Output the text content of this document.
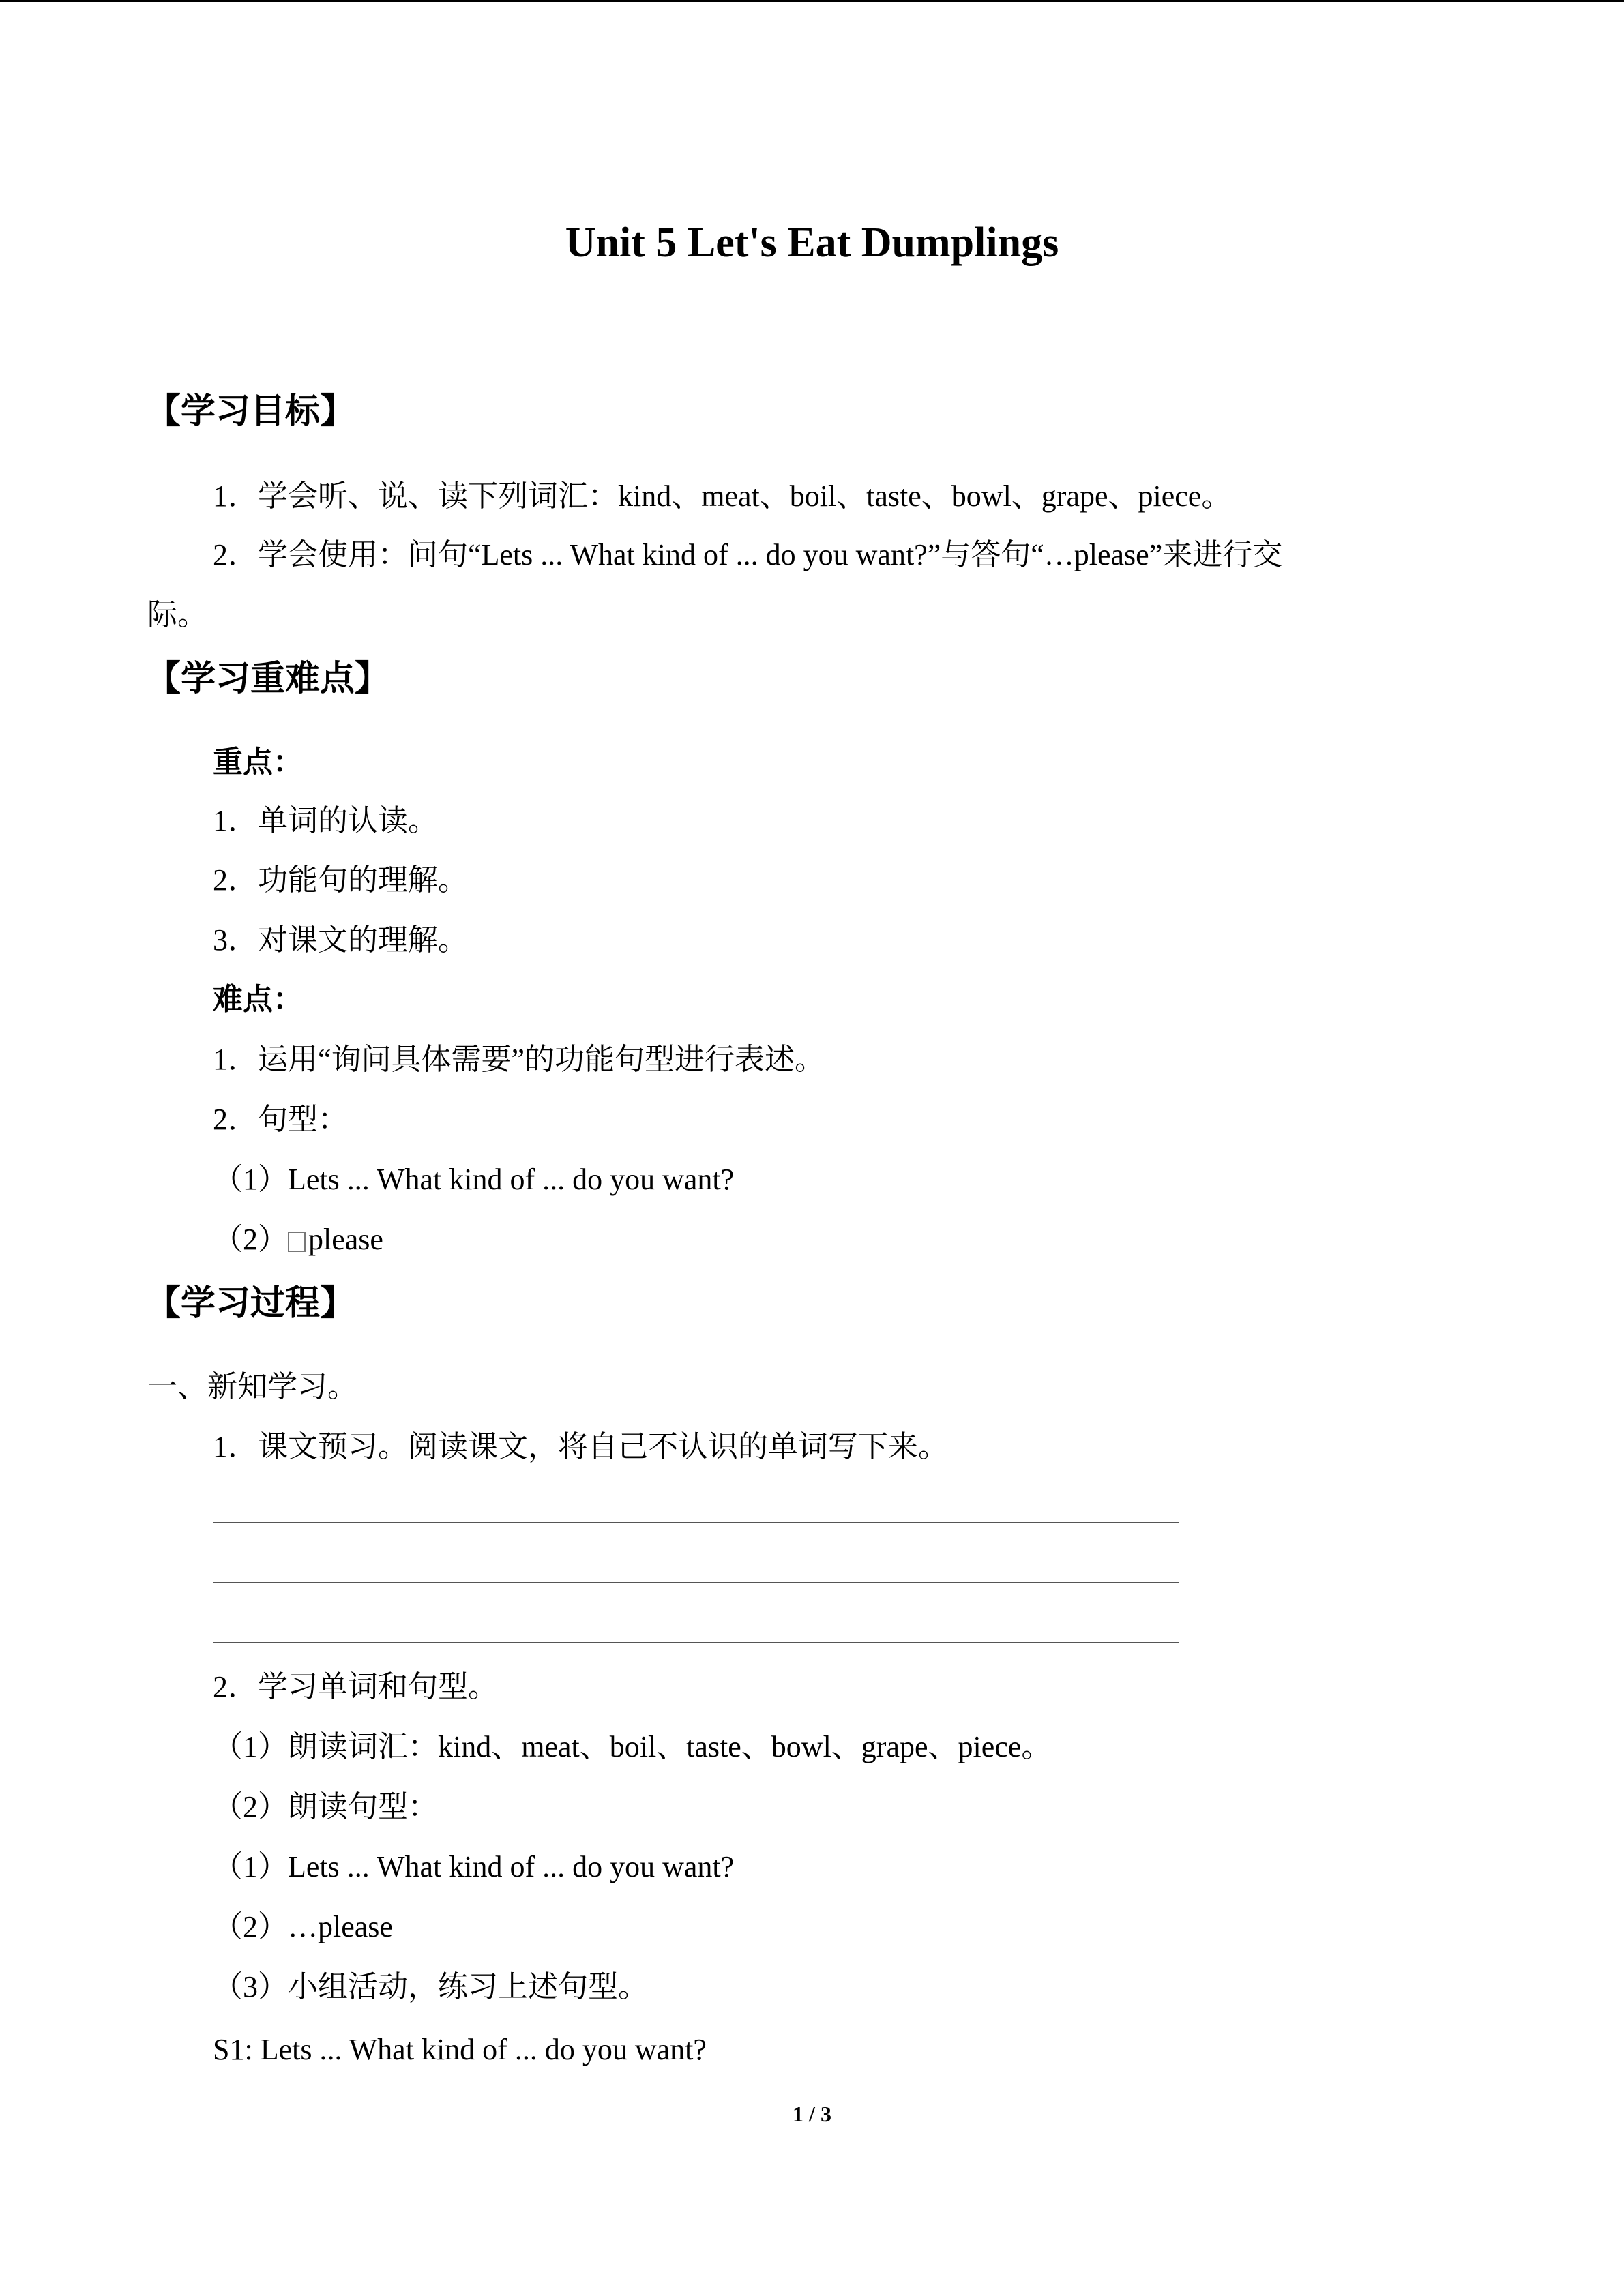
Unit 5 Let's Eat Dumplings
【学习目标】

1．学会听、说、读下列词汇：kind、meat、boil、taste、bowl、grape、piece。

2．学会使用：问句“Lets ... What kind of ... do you want?”与答句“…please”来进行交
际。
【学习重难点】

重点：

1．单词的认读。

2．功能句的理解。

3．对课文的理解。

难点：

1．运用“询问具体需要”的功能句型进行表述。

2．句型：

（1）Lets ... What kind of ... do you want?

（2） please

【学习过程】

一、新知学习。

1．课文预习。阅读课文，将自己不认识的单词写下来。

2．学习单词和句型。

（1）朗读词汇：kind、meat、boil、taste、bowl、grape、piece。

（2）朗读句型：

（1）Lets ... What kind of ... do you want?

（2）…please

（3）小组活动，练习上述句型。

S1: Lets ... What kind of ... do you want?

1 / 3
